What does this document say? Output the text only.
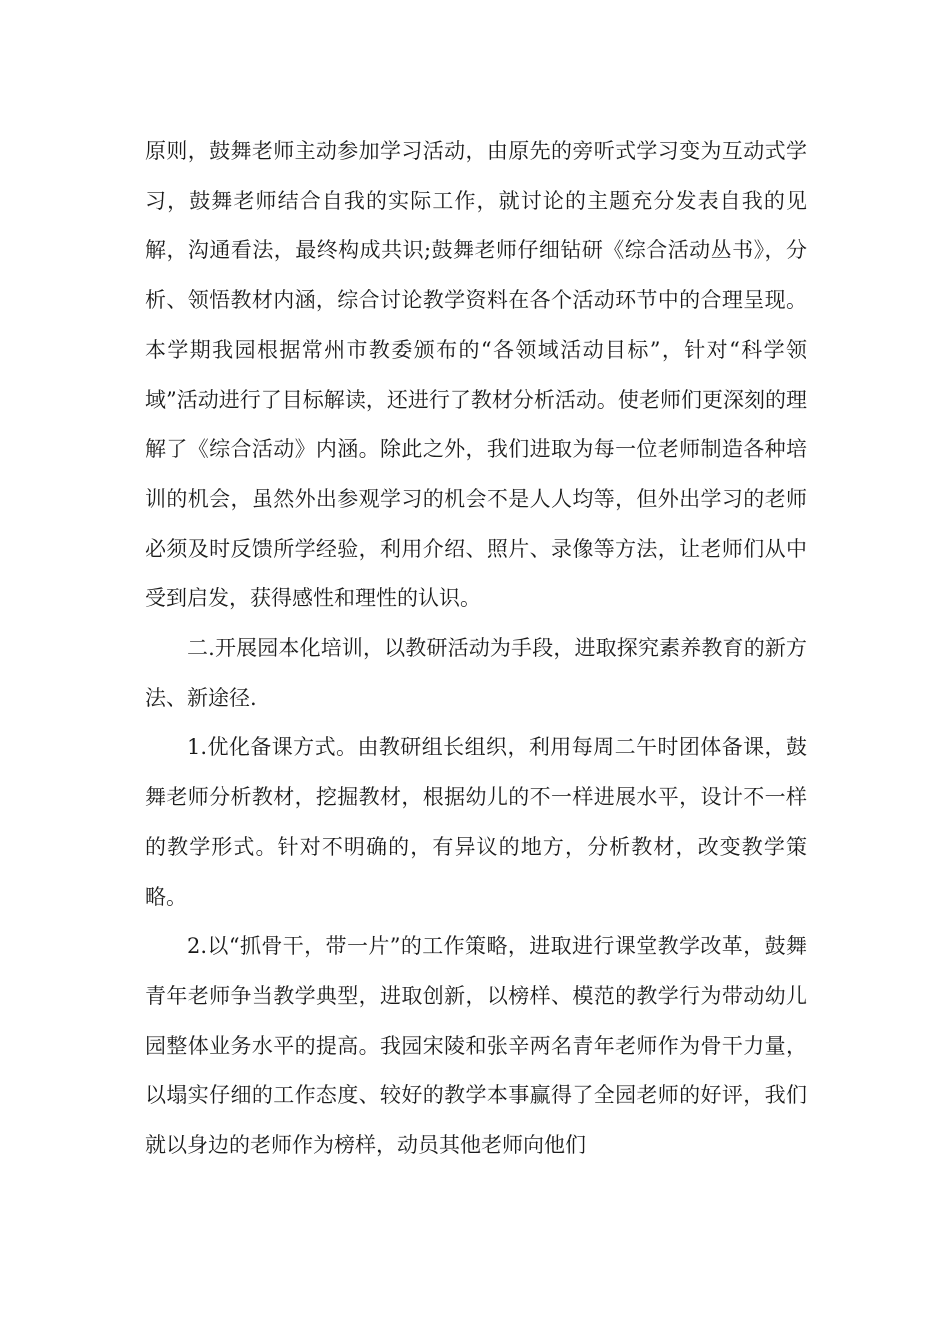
原则，鼓舞老师主动参加学习活动，由原先的旁听式学习变为互动式学习，鼓舞老师结合自我的实际工作，就讨论的主题充分发表自我的见解，沟通看法，最终构成共识;鼓舞老师仔细钻研《综合活动丛书》，分析、领悟教材内涵，综合讨论教学资料在各个活动环节中的合理呈现。本学期我园根据常州市教委颁布的“各领域活动目标”，针对“科学领域”活动进行了目标解读，还进行了教材分析活动。使老师们更深刻的理解了《综合活动》内涵。除此之外，我们进取为每一位老师制造各种培训的机会，虽然外出参观学习的机会不是人人均等，但外出学习的老师必须及时反馈所学经验，利用介绍、照片、录像等方法，让老师们从中受到启发，获得感性和理性的认识。

二.开展园本化培训，以教研活动为手段，进取探究素养教育的新方法、新途径.

1.优化备课方式。由教研组长组织，利用每周二午时团体备课，鼓舞老师分析教材，挖掘教材，根据幼儿的不一样进展水平，设计不一样的教学形式。针对不明确的，有异议的地方，分析教材，改变教学策略。

2.以“抓骨干，带一片”的工作策略，进取进行课堂教学改革，鼓舞青年老师争当教学典型，进取创新，以榜样、模范的教学行为带动幼儿园整体业务水平的提高。我园宋陵和张辛两名青年老师作为骨干力量，以塌实仔细的工作态度、较好的教学本事赢得了全园老师的好评，我们就以身边的老师作为榜样，动员其他老师向他们
